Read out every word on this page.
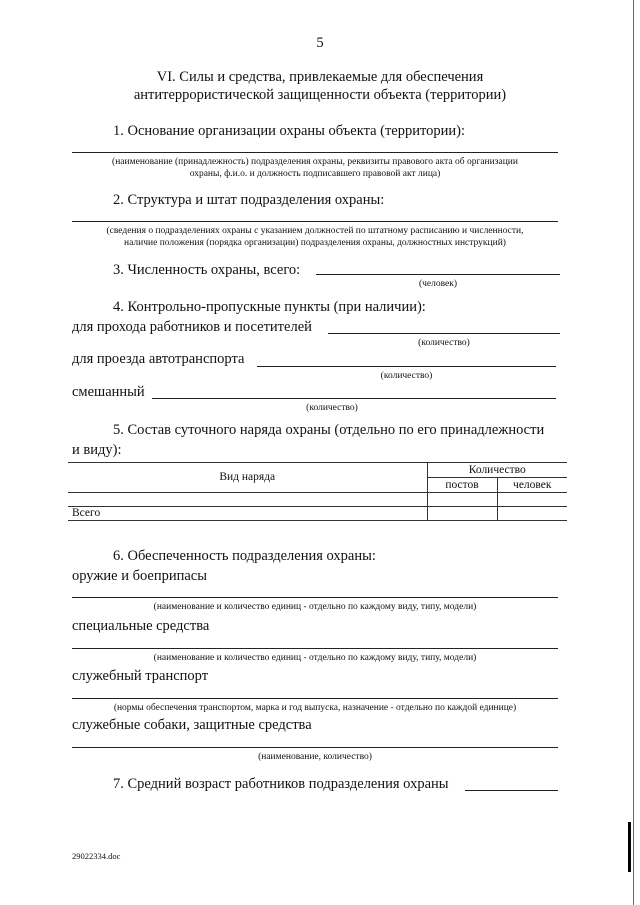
5
VI. Силы и средства, привлекаемые для обеспечения
антитеррористической защищенности объекта (территории)
1. Основание организации охраны объекта (территории):
(наименование (принадлежность) подразделения охраны, реквизиты правового акта об организации
охраны, ф.и.о. и должность подписавшего правовой акт лица)
2. Структура и штат подразделения охраны:
(сведения о подразделениях охраны с указанием должностей по штатному расписанию и численности,
наличие положения (порядка организации) подразделения охраны, должностных инструкций)
3. Численность охраны, всего:
(человек)
4. Контрольно-пропускные пункты (при наличии):
для прохода работников и посетителей
(количество)
для проезда автотранспорта
(количество)
смешанный
(количество)
5. Состав суточного наряда охраны (отдельно по его принадлежности
и виду):
Вид наряда	Количество	
	постов	человек

Всего		
6. Обеспеченность подразделения охраны:
оружие и боеприпасы
(наименование и количество единиц - отдельно по каждому виду, типу, модели)
специальные средства
(наименование и количество единиц - отдельно по каждому виду, типу, модели)
служебный транспорт
(нормы обеспечения транспортом, марка и год выпуска, назначение - отдельно по каждой единице)
служебные собаки, защитные средства
(наименование, количество)
7. Средний возраст работников подразделения охраны
29022334.doc
